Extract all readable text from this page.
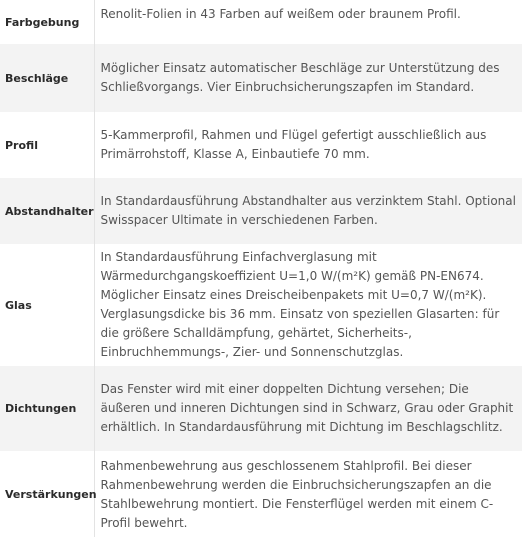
Farbgebung	Renolit-Folien in 43 Farben auf weißem oder braunem Profil.
Beschläge	Möglicher Einsatz automatischer Beschläge zur Unterstützung des Schließvorgangs. Vier Einbruchsicherungszapfen im Standard.
Profil	5-Kammerprofil, Rahmen und Flügel gefertigt ausschließlich aus Primärrohstoff, Klasse A, Einbautiefe 70 mm.
Abstandhalter	In Standardausführung Abstandhalter aus verzinktem Stahl. Optional Swisspacer Ultimate in verschiedenen Farben.
Glas	In Standardausführung Einfachverglasung mit Wärmedurchgangskoeffizient U=1,0 W/(m²K) gemäß PN-EN674. Möglicher Einsatz eines Dreischeibenpakets mit U=0,7 W/(m²K). Verglasungsdicke bis 36 mm. Einsatz von speziellen Glasarten: für die größere Schalldämpfung, gehärtet, Sicherheits-, Einbruchhemmungs-, Zier- und Sonnenschutzglas.
Dichtungen	Das Fenster wird mit einer doppelten Dichtung versehen; Die äußeren und inneren Dichtungen sind in Schwarz, Grau oder Graphit erhältlich. In Standardausführung mit Dichtung im Beschlagschlitz.
Verstärkungen	Rahmenbewehrung aus geschlossenem Stahlprofil. Bei dieser Rahmenbewehrung werden die Einbruchsicherungszapfen an die Stahlbewehrung montiert. Die Fensterflügel werden mit einem C-Profil bewehrt.
